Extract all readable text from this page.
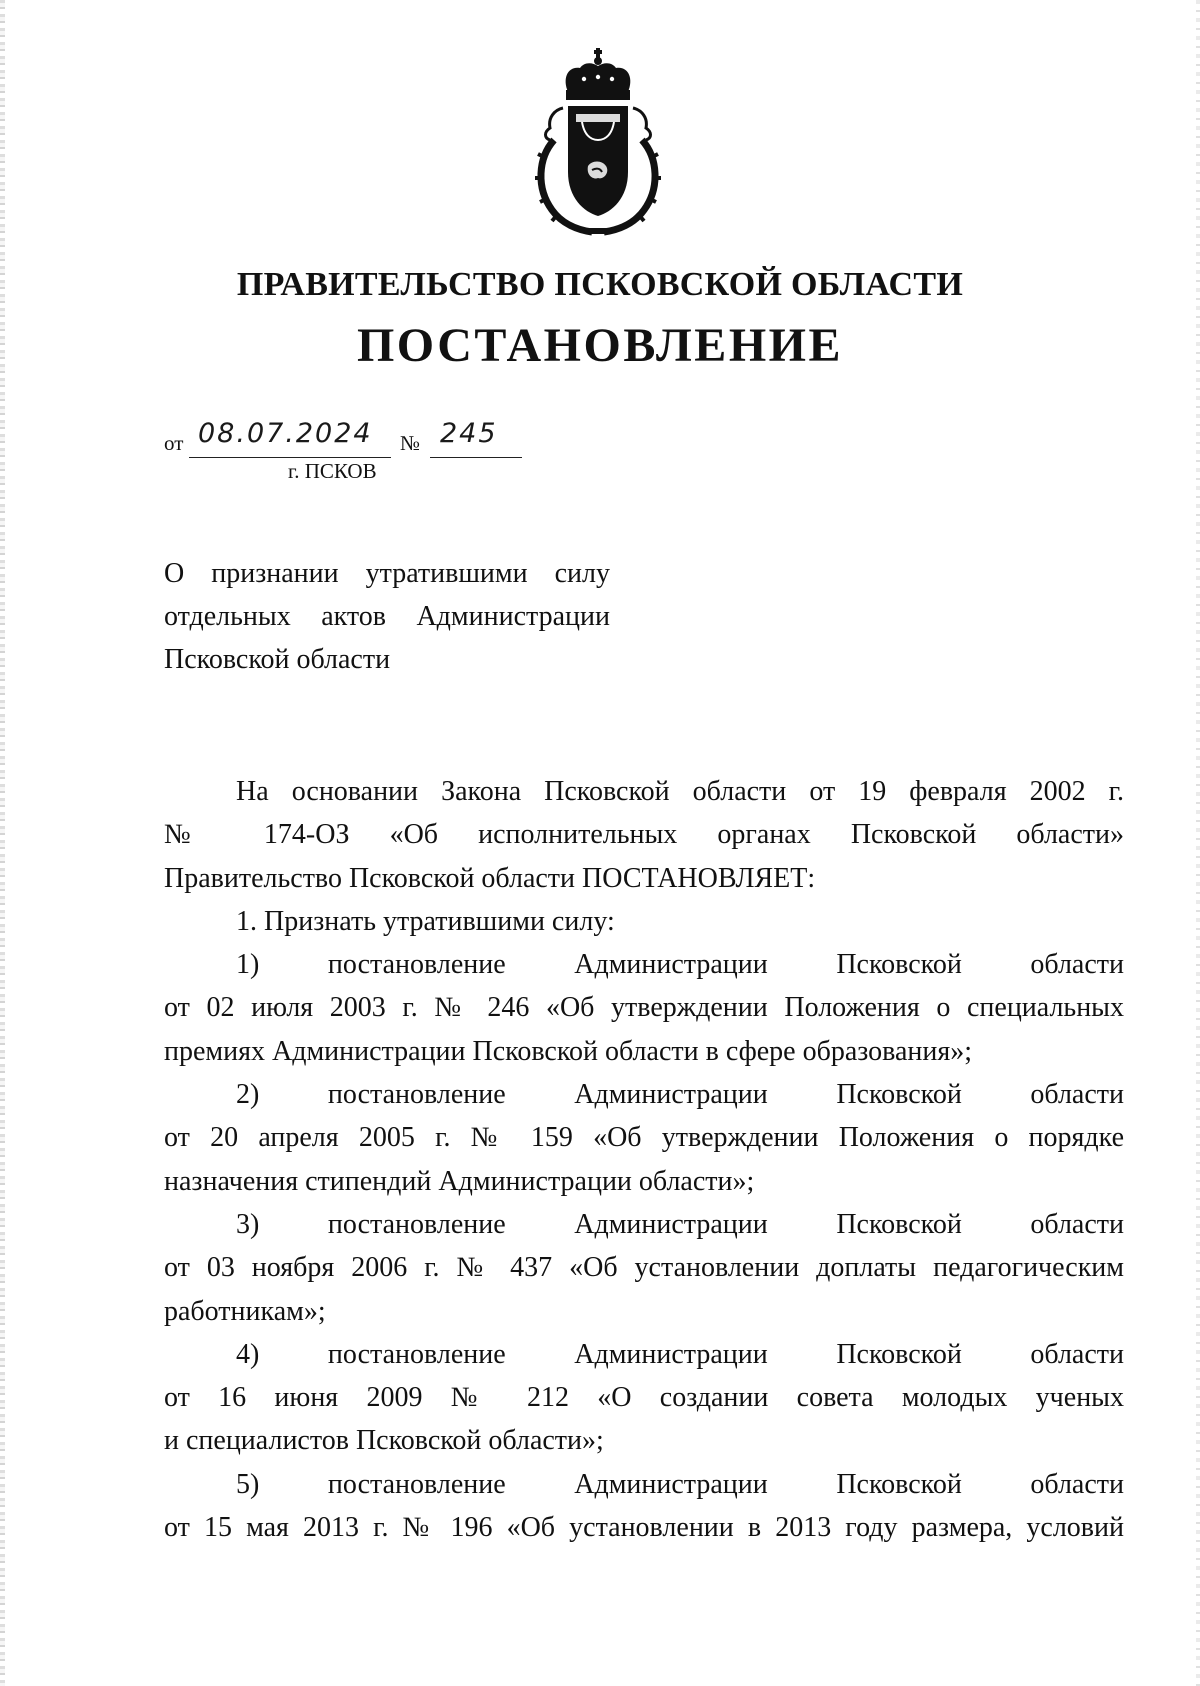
ПРАВИТЕЛЬСТВО ПСКОВСКОЙ ОБЛАСТИ
ПОСТАНОВЛЕНИЕ
от 08.07.2024 № 245
г. ПСКОВ
О признании утратившими силу
отдельных актов Администрации
Псковской области
На основании Закона Псковской области от 19 февраля 2002 г.
№ 174-ОЗ «Об исполнительных органах Псковской области»
Правительство Псковской области ПОСТАНОВЛЯЕТ:
1. Признать утратившими силу:
1) постановление Администрации Псковской области
от 02 июля 2003 г. № 246 «Об утверждении Положения о специальных
премиях Администрации Псковской области в сфере образования»;
2) постановление Администрации Псковской области
от 20 апреля 2005 г. № 159 «Об утверждении Положения о порядке
назначения стипендий Администрации области»;
3) постановление Администрации Псковской области
от 03 ноября 2006 г. № 437 «Об установлении доплаты педагогическим
работникам»;
4) постановление Администрации Псковской области
от 16 июня 2009 № 212 «О создании совета молодых ученых
и специалистов Псковской области»;
5) постановление Администрации Псковской области
от 15 мая 2013 г. № 196 «Об установлении в 2013 году размера, условий
